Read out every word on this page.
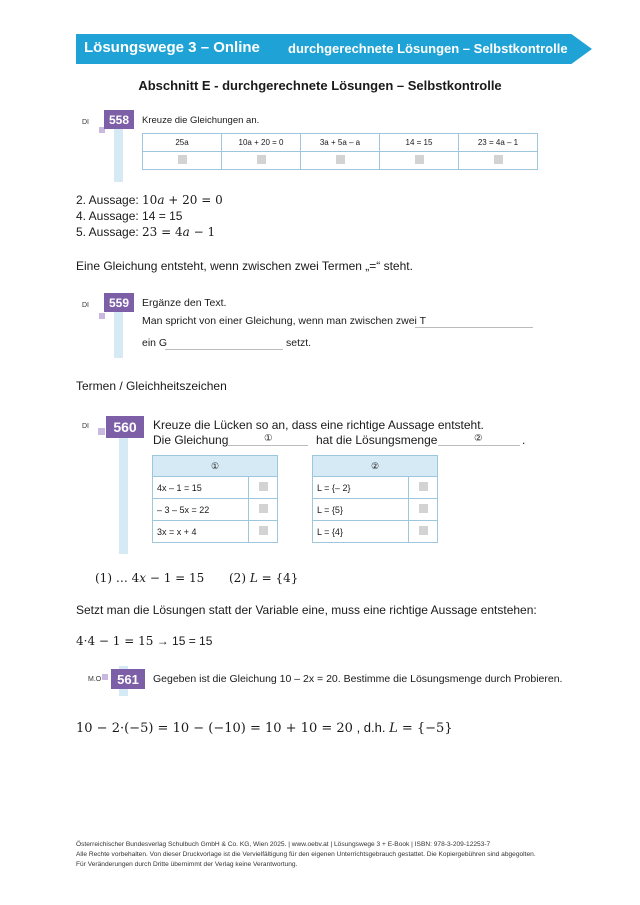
Lösungswege 3 – Online durchgerechnete Lösungen – Selbstkontrolle
Abschnitt E - durchgerechnete Lösungen – Selbstkontrolle
DI	558	Kreuze die Gleichungen an.
25a	10a + 20 = 0	3a + 5a – a	14 = 15	23 = 4a – 1

2. Aussage: 10𝑎 + 20 = 0
4. Aussage: 14 = 15
5. Aussage: 23 = 4𝑎 − 1
Eine Gleichung entsteht, wenn zwischen zwei Termen „=“ steht.
DI	559	Ergänze den Text.
Man spricht von einer Gleichung, wenn man zwischen zwei T
ein G	setzt.
Termen / Gleichheitszeichen
DI	560	Kreuze die Lücken so an, dass eine richtige Aussage entsteht.
Die Gleichung	①	hat die Lösungsmenge	②	.
①	
4x – 1 = 15	
– 3 – 5x = 22	
3x = x + 4	
②	
L = {– 2}	
L = {5}	
L = {4}	
(1) … 4𝑥 − 1 = 15 (2) 𝐿 = {4}
Setzt man die Lösungen statt der Variable eine, muss eine richtige Aussage entstehen:
4·4 − 1 = 15 → 15 = 15
M.O	561	Gegeben ist die Gleichung 10 – 2x = 20. Bestimme die Lösungsmenge durch Probieren.
10 − 2·(−5) = 10 − (−10) = 10 + 10 = 20 , d.h. 𝐿 = {−5}
Österreichischer Bundesverlag Schulbuch GmbH & Co. KG, Wien 2025. | www.oebv.at | Lösungswege 3 + E-Book | ISBN: 978-3-209-12253-7
Alle Rechte vorbehalten. Von dieser Druckvorlage ist die Vervielfältigung für den eigenen Unterrichtsgebrauch gestattet. Die Kopiergebühren sind abgegolten.
Für Veränderungen durch Dritte übernimmt der Verlag keine Verantwortung.
